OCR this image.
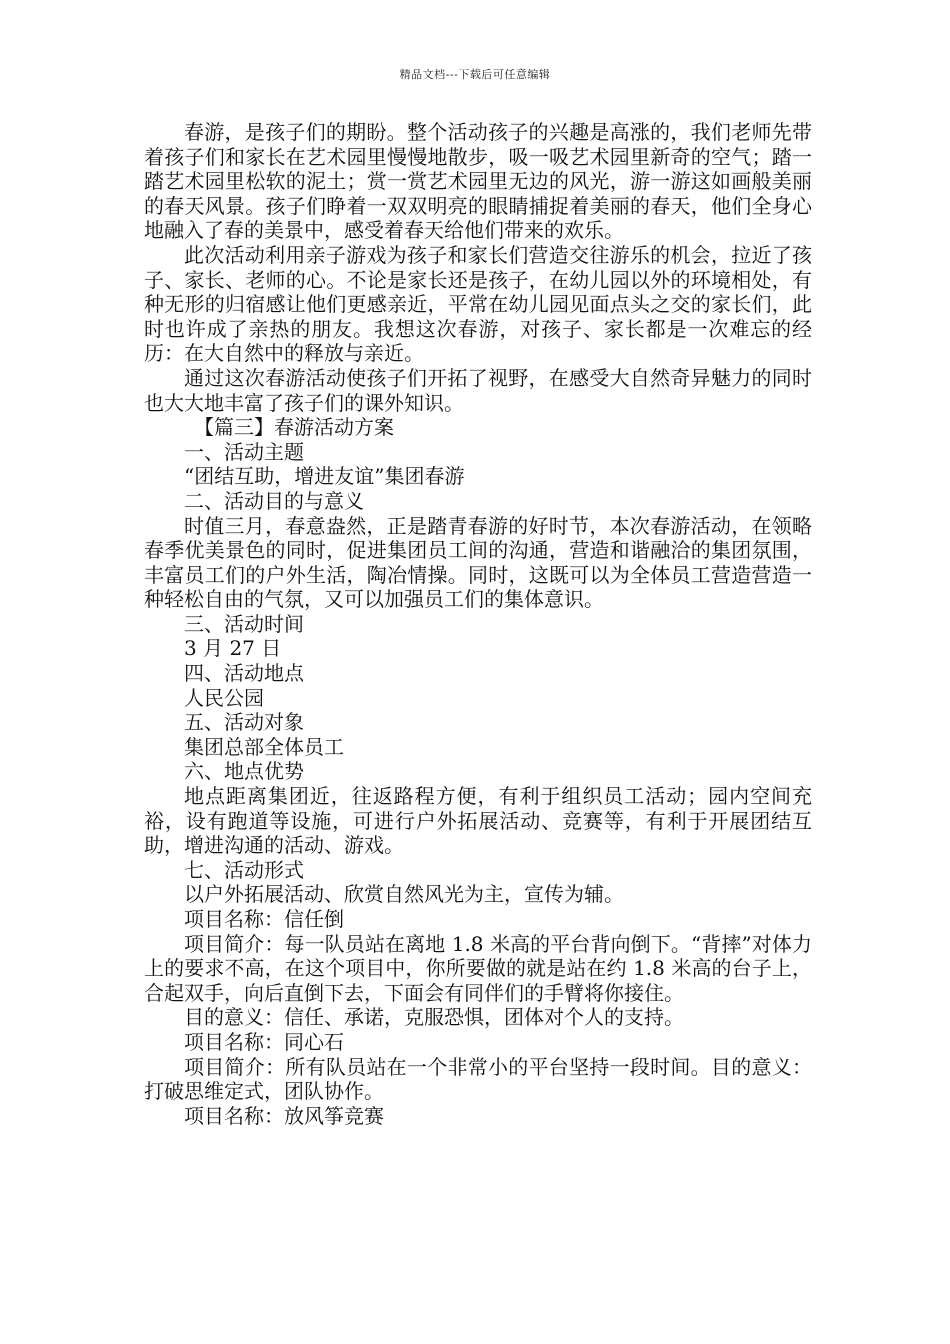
精品文档---下载后可任意编辑

春游，是孩子们的期盼。整个活动孩子的兴趣是高涨的，我们老师先带着孩子们和家长在艺术园里慢慢地散步，吸一吸艺术园里新奇的空气；踏一踏艺术园里松软的泥土；赏一赏艺术园里无边的风光，游一游这如画般美丽的春天风景。孩子们睁着一双双明亮的眼睛捕捉着美丽的春天，他们全身心地融入了春的美景中，感受着春天给他们带来的欢乐。

此次活动利用亲子游戏为孩子和家长们营造交往游乐的机会，拉近了孩子、家长、老师的心。不论是家长还是孩子，在幼儿园以外的环境相处，有种无形的归宿感让他们更感亲近，平常在幼儿园见面点头之交的家长们，此时也许成了亲热的朋友。我想这次春游，对孩子、家长都是一次难忘的经历：在大自然中的释放与亲近。

通过这次春游活动使孩子们开拓了视野，在感受大自然奇异魅力的同时也大大地丰富了孩子们的课外知识。

【篇三】春游活动方案

一、活动主题

“团结互助，增进友谊”集团春游

二、活动目的与意义

时值三月，春意盎然，正是踏青春游的好时节，本次春游活动，在领略春季优美景色的同时，促进集团员工间的沟通，营造和谐融洽的集团氛围，丰富员工们的户外生活，陶冶情操。同时，这既可以为全体员工营造营造一种轻松自由的气氛，又可以加强员工们的集体意识。

三、活动时间

3 月 27 日

四、活动地点

人民公园

五、活动对象

集团总部全体员工

六、地点优势

地点距离集团近，往返路程方便，有利于组织员工活动；园内空间充裕，设有跑道等设施，可进行户外拓展活动、竞赛等，有利于开展团结互助，增进沟通的活动、游戏。

七、活动形式

以户外拓展活动、欣赏自然风光为主，宣传为辅。

项目名称：信任倒

项目简介：每一队员站在离地 1.8 米高的平台背向倒下。“背摔”对体力上的要求不高，在这个项目中，你所要做的就是站在约 1.8 米高的台子上，合起双手，向后直倒下去，下面会有同伴们的手臂将你接住。

目的意义：信任、承诺，克服恐惧，团体对个人的支持。

项目名称：同心石

项目简介：所有队员站在一个非常小的平台坚持一段时间。目的意义：打破思维定式，团队协作。

项目名称：放风筝竞赛
